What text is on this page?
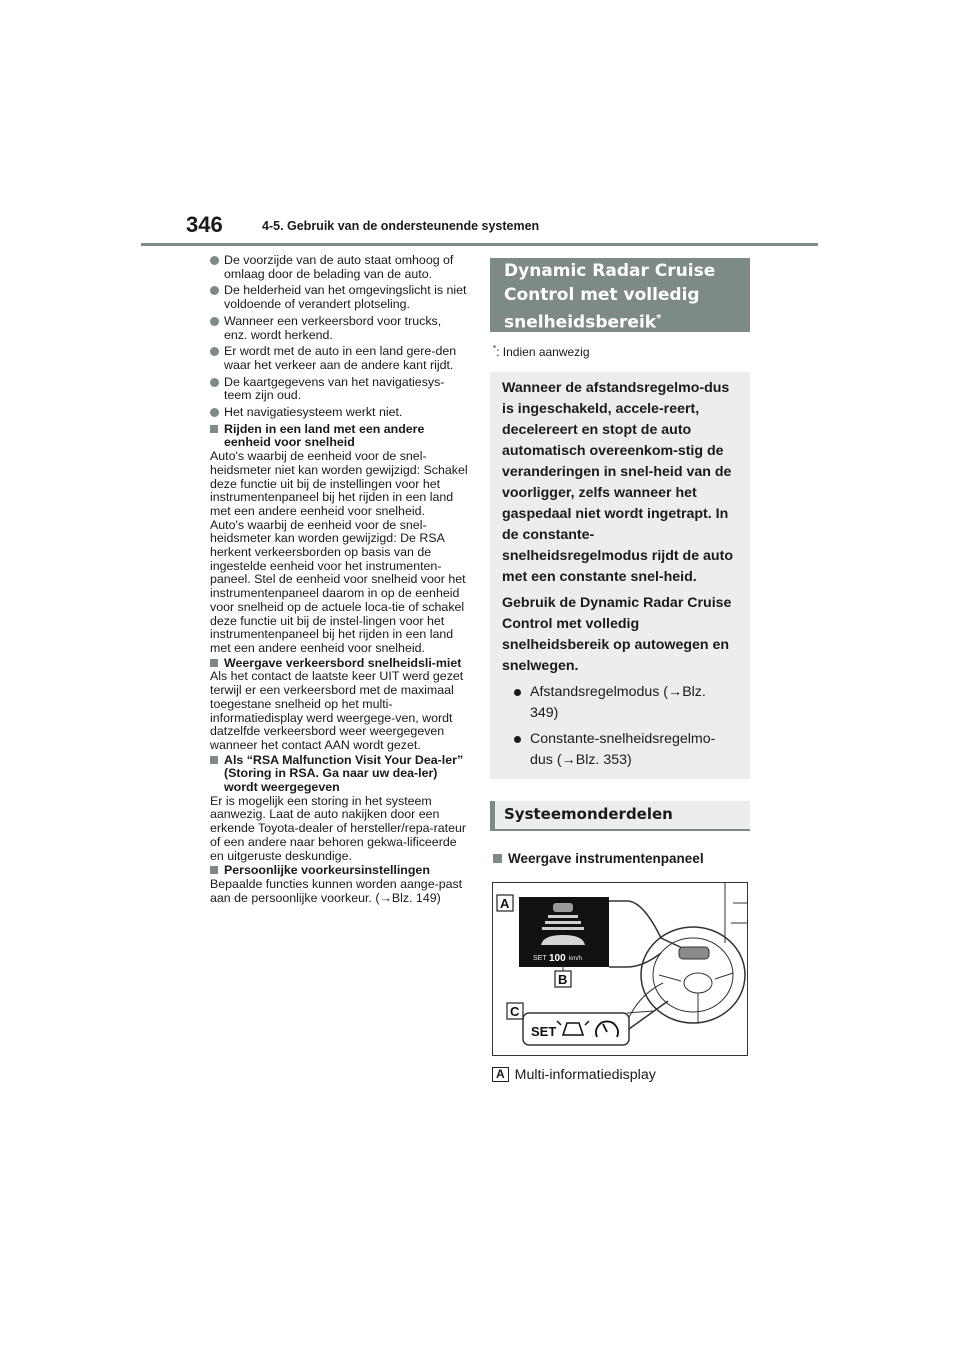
346	4-5. Gebruik van de ondersteunende systemen
De voorzijde van de auto staat omhoog of omlaag door de belading van de auto.
De helderheid van het omgevingslicht is niet voldoende of verandert plotseling.
Wanneer een verkeersbord voor trucks, enz. wordt herkend.
Er wordt met de auto in een land gere-den waar het verkeer aan de andere kant rijdt.
De kaartgegevens van het navigatiesys-teem zijn oud.
Het navigatiesysteem werkt niet.
Rijden in een land met een andere eenheid voor snelheid

Auto's waarbij de eenheid voor de snel-heidsmeter niet kan worden gewijzigd: Schakel deze functie uit bij de instellingen voor het instrumentenpaneel bij het rijden in een land met een andere eenheid voor snelheid.

Auto's waarbij de eenheid voor de snel-heidsmeter kan worden gewijzigd: De RSA herkent verkeersborden op basis van de ingestelde eenheid voor het instrumenten-paneel. Stel de eenheid voor snelheid voor het instrumentenpaneel daarom in op de eenheid voor snelheid op de actuele loca-tie of schakel deze functie uit bij de instel-lingen voor het instrumentenpaneel bij het rijden in een land met een andere eenheid voor snelheid.

Weergave verkeersbord snelheidsli-miet

Als het contact de laatste keer UIT werd gezet terwijl er een verkeersbord met de maximaal toegestane snelheid op het multi-informatiedisplay werd weergege-ven, wordt datzelfde verkeersbord weer weergegeven wanneer het contact AAN wordt gezet.

Als “RSA Malfunction Visit Your Dea-ler” (Storing in RSA. Ga naar uw dea-ler) wordt weergegeven

Er is mogelijk een storing in het systeem aanwezig. Laat de auto nakijken door een erkende Toyota-dealer of hersteller/repa-rateur of een andere naar behoren gekwa-lificeerde en uitgeruste deskundige.

Persoonlijke voorkeursinstellingen

Bepaalde functies kunnen worden aange-past aan de persoonlijke voorkeur. (→Blz. 149)

Dynamic Radar Cruise Control met volledig snelheidsbereik*
*: Indien aanwezig

Wanneer de afstandsregelmo-dus is ingeschakeld, accele-reert, decelereert en stopt de auto automatisch overeenkom-stig de veranderingen in snel-heid van de voorligger, zelfs wanneer het gaspedaal niet wordt ingetrapt. In de constante-snelheidsregelmodus rijdt de auto met een constante snel-heid.

Gebruik de Dynamic Radar Cruise Control met volledig snelheidsbereik op autowegen en snelwegen.

Afstandsregelmodus (→Blz. 349)
Constante-snelheidsregelmo-dus (→Blz. 353)
Systeemonderdelen
Weergave instrumentenpaneel
SET 100 km/h
SET
A
B
C
A Multi-informatiedisplay
